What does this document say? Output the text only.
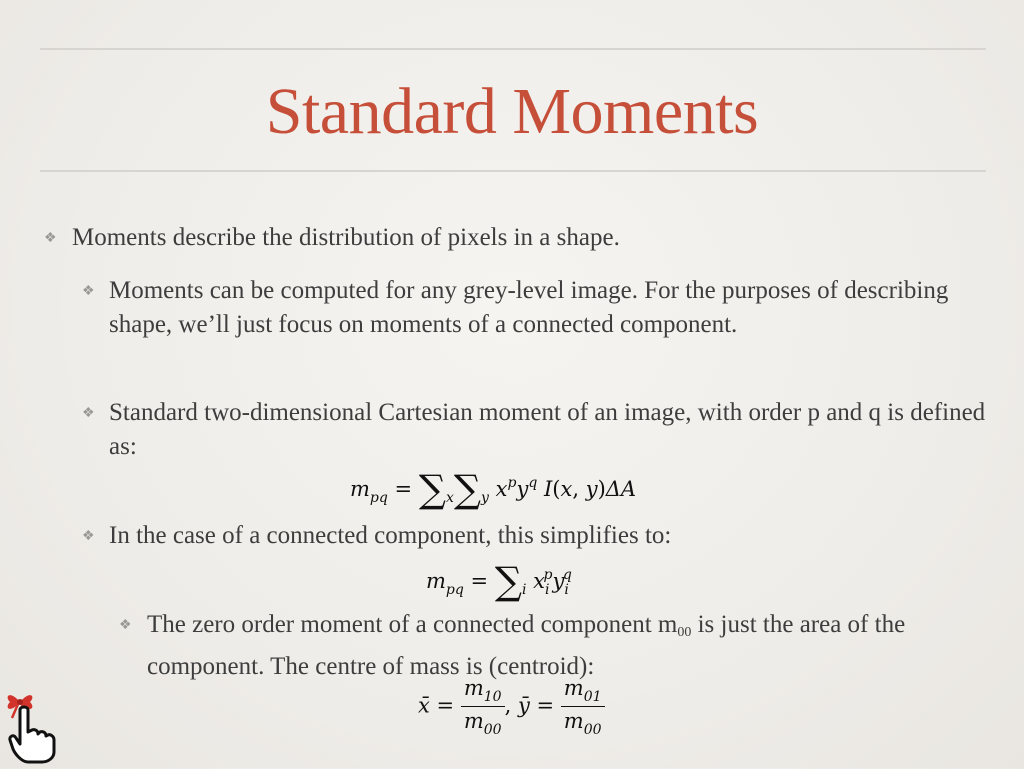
Standard Moments
❖ Moments describe the distribution of pixels in a shape.
❖ Moments can be computed for any grey-level image. For the purposes of describing shape, we’ll just focus on moments of a connected component.
❖ Standard two-dimensional Cartesian moment of an image, with order p and q is defined as:
$m_{pq} = \sum_x\sum_y$ $x^py^q$ I(x, y)ΔA
❖ In the case of a connected component, this simplifies to:
$m_{pq} = \sum_i$ $x_i^py_i^q$
❖ The zero order moment of a connected component m00 is just the area of the component. The centre of mass is (centroid):
x̄ = $\frac{m_{10}}{m_{00}}$ , ȳ = $\frac{m_{01}}{m_{00}}$
